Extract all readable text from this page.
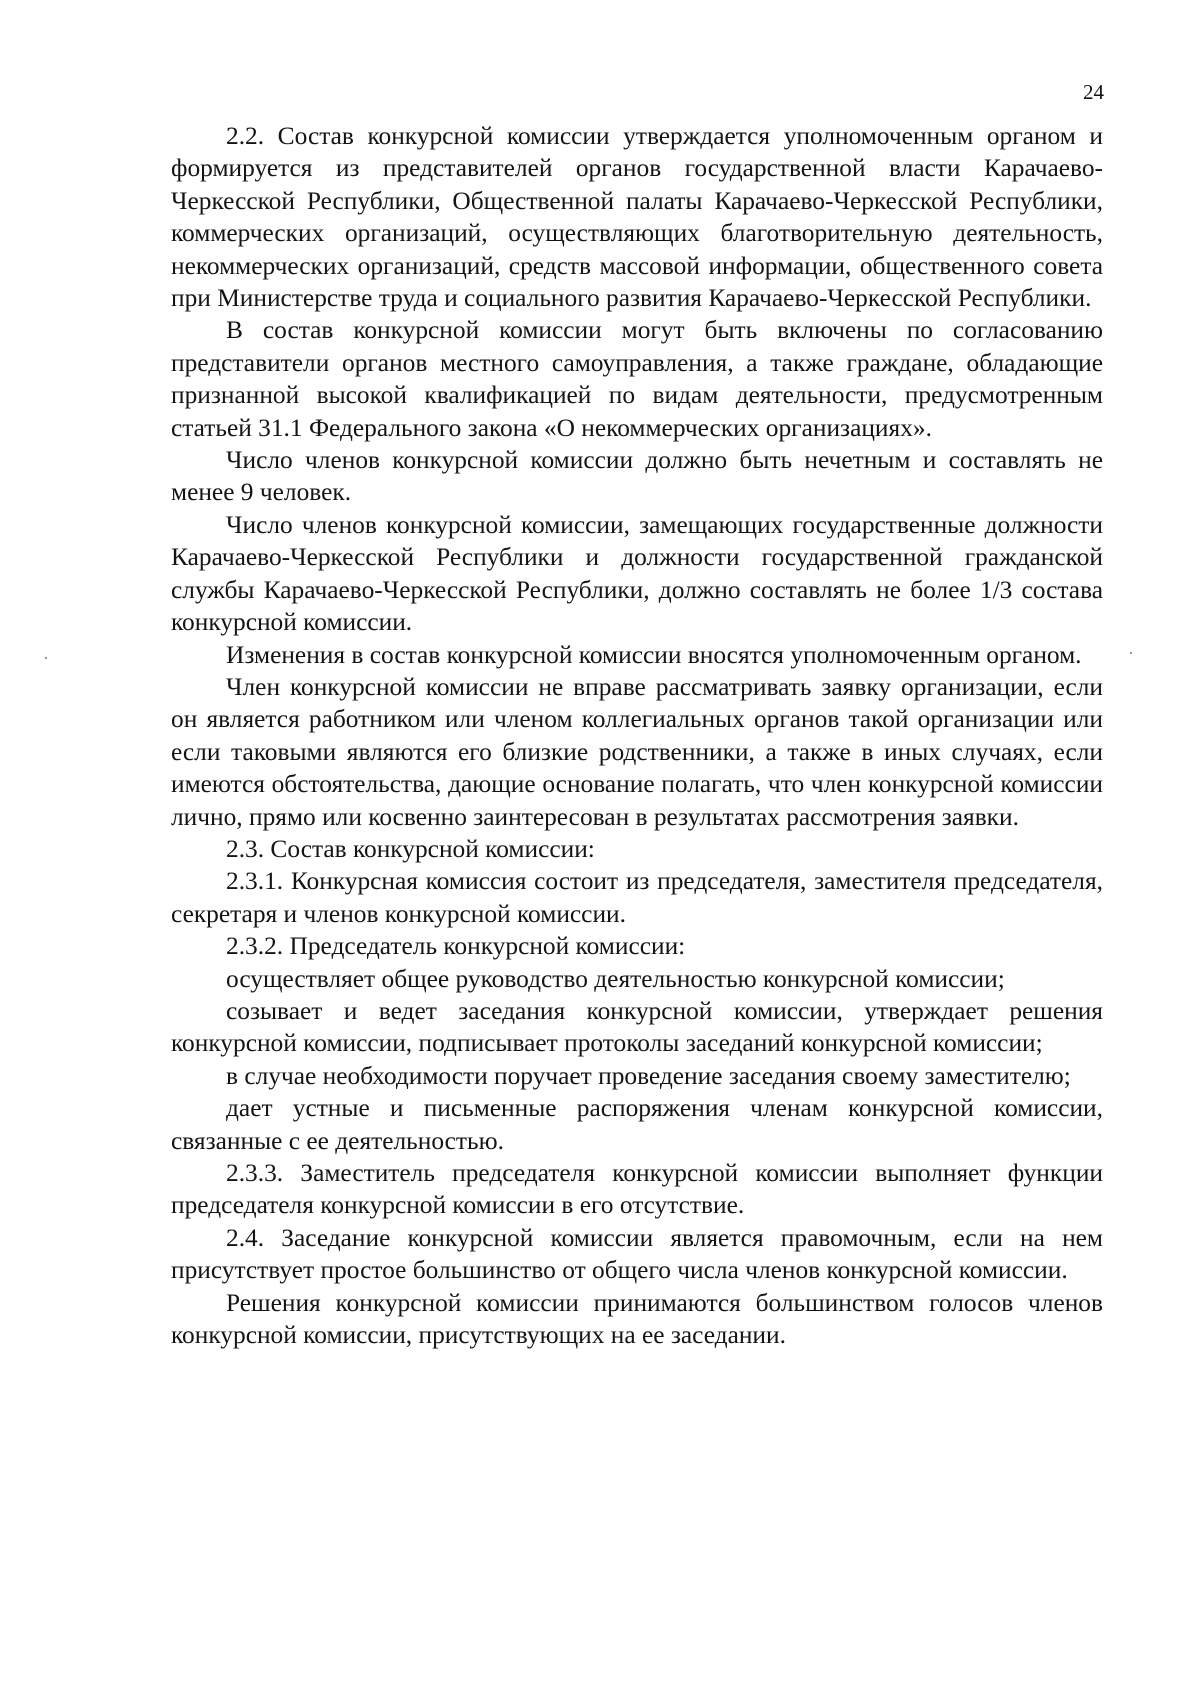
24

2.2. Состав конкурсной комиссии утверждается уполномоченным органом и формируется из представителей органов государственной власти Карачаево-Черкесской Республики, Общественной палаты Карачаево-Черкесской Республики, коммерческих организаций, осуществляющих благотворительную деятельность, некоммерческих организаций, средств массовой информации, общественного совета при Министерстве труда и социального развития Карачаево-Черкесской Республики.

В состав конкурсной комиссии могут быть включены по согласованию представители органов местного самоуправления, а также граждане, обладающие признанной высокой квалификацией по видам деятельности, предусмотренным статьей 31.1 Федерального закона «О некоммерческих организациях».

Число членов конкурсной комиссии должно быть нечетным и составлять не менее 9 человек.

Число членов конкурсной комиссии, замещающих государственные должности Карачаево-Черкесской Республики и должности государственной гражданской службы Карачаево-Черкесской Республики, должно составлять не более 1/3 состава конкурсной комиссии.

Изменения в состав конкурсной комиссии вносятся уполномоченным органом.

Член конкурсной комиссии не вправе рассматривать заявку организации, если он является работником или членом коллегиальных органов такой организации или если таковыми являются его близкие родственники, а также в иных случаях, если имеются обстоятельства, дающие основание полагать, что член конкурсной комиссии лично, прямо или косвенно заинтересован в результатах рассмотрения заявки.

2.3. Состав конкурсной комиссии:

2.3.1. Конкурсная комиссия состоит из председателя, заместителя председателя, секретаря и членов конкурсной комиссии.

2.3.2. Председатель конкурсной комиссии:

осуществляет общее руководство деятельностью конкурсной комиссии;

созывает и ведет заседания конкурсной комиссии, утверждает решения конкурсной комиссии, подписывает протоколы заседаний конкурсной комиссии;

в случае необходимости поручает проведение заседания своему заместителю;

дает устные и письменные распоряжения членам конкурсной комиссии, связанные с ее деятельностью.

2.3.3. Заместитель председателя конкурсной комиссии выполняет функции председателя конкурсной комиссии в его отсутствие.

2.4. Заседание конкурсной комиссии является правомочным, если на нем присутствует простое большинство от общего числа членов конкурсной комиссии.

Решения конкурсной комиссии принимаются большинством голосов членов конкурсной комиссии, присутствующих на ее заседании.
